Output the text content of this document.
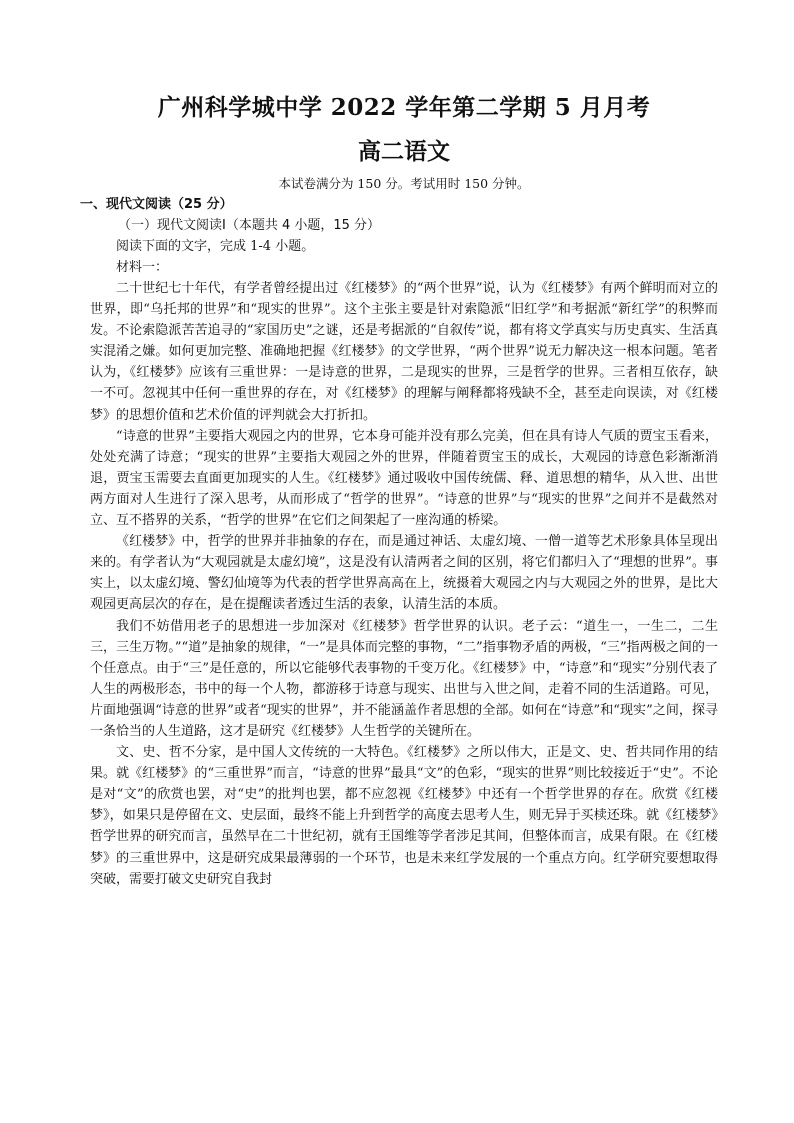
广州科学城中学 2022 学年第二学期 5 月月考
高二语文
本试卷满分为 150 分。考试用时 150 分钟。
一、现代文阅读（25 分）
（一）现代文阅读Ⅰ（本题共 4 小题，15 分）
阅读下面的文字，完成 1-4 小题。
材料一：

二十世纪七十年代，有学者曾经提出过《红楼梦》的“两个世界”说，认为《红楼梦》有两个鲜明而对立的世界，即“乌托邦的世界”和“现实的世界”。这个主张主要是针对索隐派“旧红学”和考据派“新红学”的积弊而发。不论索隐派苦苦追寻的“家国历史”之谜，还是考据派的“自叙传”说，都有将文学真实与历史真实、生活真实混淆之嫌。如何更加完整、准确地把握《红楼梦》的文学世界，“两个世界”说无力解决这一根本问题。笔者认为，《红楼梦》应该有三重世界：一是诗意的世界，二是现实的世界，三是哲学的世界。三者相互依存，缺一不可。忽视其中任何一重世界的存在，对《红楼梦》的理解与阐释都将残缺不全，甚至走向误读，对《红楼梦》的思想价值和艺术价值的评判就会大打折扣。

“诗意的世界”主要指大观园之内的世界，它本身可能并没有那么完美，但在具有诗人气质的贾宝玉看来，处处充满了诗意；“现实的世界”主要指大观园之外的世界，伴随着贾宝玉的成长，大观园的诗意色彩渐渐消退，贾宝玉需要去直面更加现实的人生。《红楼梦》通过吸收中国传统儒、释、道思想的精华，从入世、出世两方面对人生进行了深入思考，从而形成了“哲学的世界”。“诗意的世界”与“现实的世界”之间并不是截然对立、互不搭界的关系，“哲学的世界”在它们之间架起了一座沟通的桥梁。

《红楼梦》中，哲学的世界并非抽象的存在，而是通过神话、太虚幻境、一僧一道等艺术形象具体呈现出来的。有学者认为“大观园就是太虚幻境”，这是没有认清两者之间的区别，将它们都归入了“理想的世界”。事实上，以太虚幻境、警幻仙境等为代表的哲学世界高高在上，统摄着大观园之内与大观园之外的世界，是比大观园更高层次的存在，是在提醒读者透过生活的表象，认清生活的本质。

我们不妨借用老子的思想进一步加深对《红楼梦》哲学世界的认识。老子云：“道生一，一生二，二生三，三生万物。”“道”是抽象的规律，“一”是具体而完整的事物，“二”指事物矛盾的两极，“三”指两极之间的一个任意点。由于“三”是任意的，所以它能够代表事物的千变万化。《红楼梦》中，“诗意”和“现实”分别代表了人生的两极形态，书中的每一个人物，都游移于诗意与现实、出世与入世之间，走着不同的生活道路。可见，片面地强调“诗意的世界”或者“现实的世界”，并不能涵盖作者思想的全部。如何在“诗意”和“现实”之间，探寻一条恰当的人生道路，这才是研究《红楼梦》人生哲学的关键所在。

文、史、哲不分家，是中国人文传统的一大特色。《红楼梦》之所以伟大，正是文、史、哲共同作用的结果。就《红楼梦》的“三重世界”而言，“诗意的世界”最具“文”的色彩，“现实的世界”则比较接近于“史”。不论是对“文”的欣赏也罢，对“史”的批判也罢，都不应忽视《红楼梦》中还有一个哲学世界的存在。欣赏《红楼梦》，如果只是停留在文、史层面，最终不能上升到哲学的高度去思考人生，则无异于买椟还珠。就《红楼梦》哲学世界的研究而言，虽然早在二十世纪初，就有王国维等学者涉足其间，但整体而言，成果有限。在《红楼梦》的三重世界中，这是研究成果最薄弱的一个环节，也是未来红学发展的一个重点方向。红学研究要想取得突破，需要打破文史研究自我封
